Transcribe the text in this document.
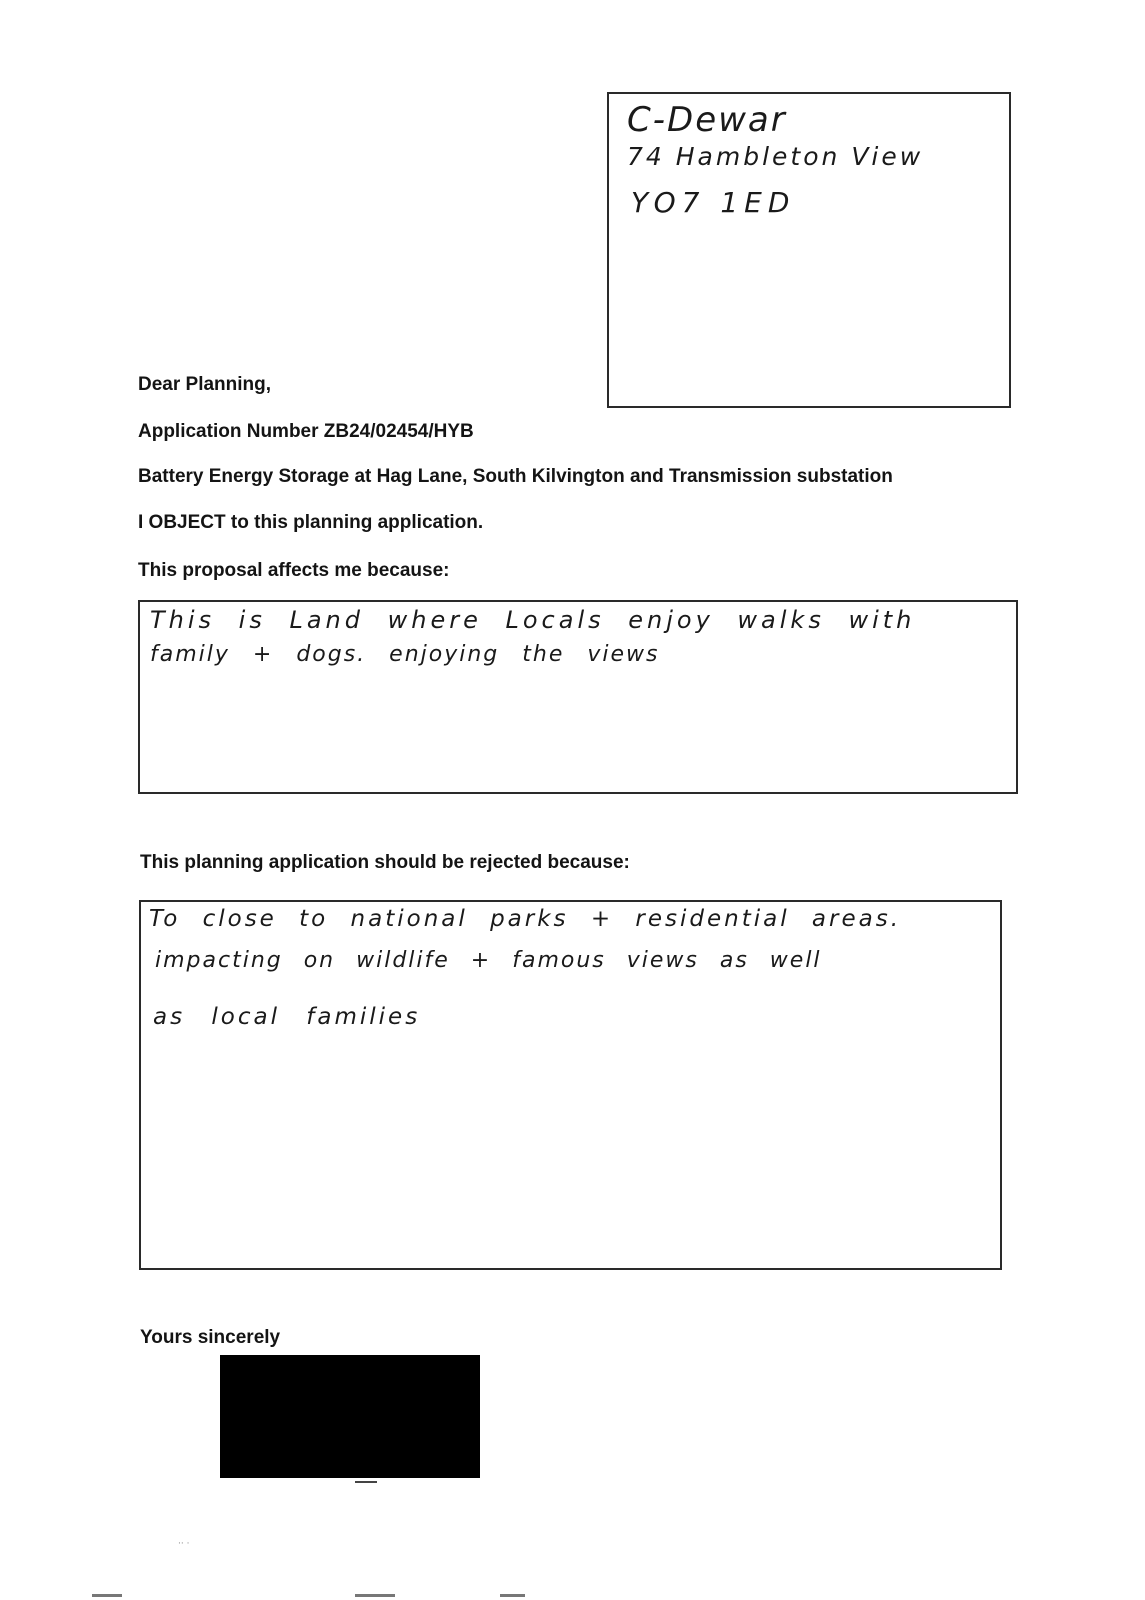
C-Dewar
74 Hambleton View
YO7 1ED
Dear Planning,
Application Number ZB24/02454/HYB
Battery Energy Storage at Hag Lane, South Kilvington and Transmission substation
I OBJECT to this planning application.
This proposal affects me because:
This is Land where Locals enjoy walks with
family + dogs. enjoying the views
This planning application should be rejected because:
To close to national parks + residential areas.
impacting on wildlife + famous views as well
as local families
Yours sincerely
⋅⋅ ⋅
